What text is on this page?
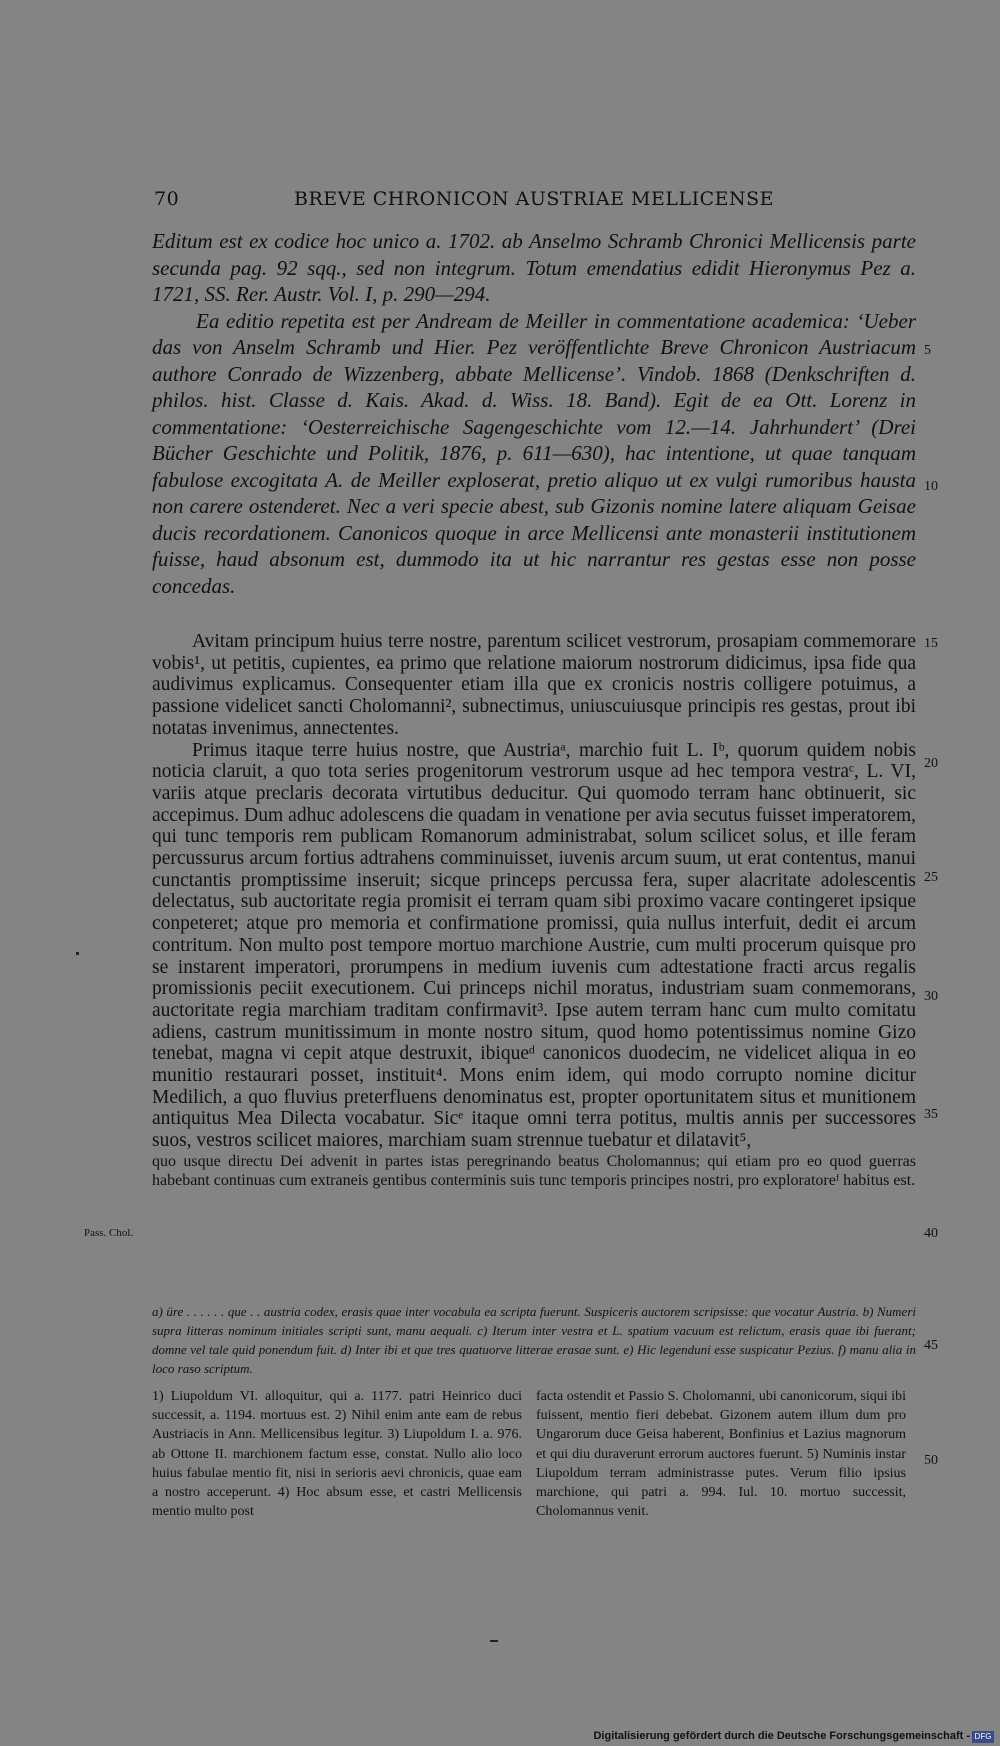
70	BREVE CHRONICON AUSTRIAE MELLICENSE

Editum est ex codice hoc unico a. 1702. ab Anselmo Schramb Chronici Mellicensis parte secunda pag. 92 sqq., sed non integrum. Totum emendatius edidit Hieronymus Pez a. 1721, SS. Rer. Austr. Vol. I, p. 290—294.

Ea editio repetita est per Andream de Meiller in commentatione academica: ‘Ueber das von Anselm Schramb und Hier. Pez veröffentlichte Breve Chronicon Austriacum authore Conrado de Wizzenberg, abbate Mellicense’. Vindob. 1868 (Denkschriften d. philos. hist. Classe d. Kais. Akad. d. Wiss. 18. Band). Egit de ea Ott. Lorenz in commentatione: ‘Oesterreichische Sagengeschichte vom 12.—14. Jahrhundert’ (Drei Bücher Geschichte und Politik, 1876, p. 611—630), hac intentione, ut quae tanquam fabulose excogitata A. de Meiller exploserat, pretio aliquo ut ex vulgi rumoribus hausta non carere ostenderet. Nec a veri specie abest, sub Gizonis nomine latere aliquam Geisae ducis recordationem. Canonicos quoque in arce Mellicensi ante monasterii institutionem fuisse, haud absonum est, dummodo ita ut hic narrantur res gestas esse non posse concedas.

5
10

Avitam principum huius terre nostre, parentum scilicet vestrorum, prosapiam commemorare vobis¹, ut petitis, cupientes, ea primo que relatione maiorum nostrorum didicimus, ipsa fide qua audivimus explicamus. Consequenter etiam illa que ex cronicis nostris colligere potuimus, a passione videlicet sancti Cholomanni², subnectimus, uniuscuiusque principis res gestas, prout ibi notatas invenimus, annectentes.

Primus itaque terre huius nostre, que Austriaᵃ, marchio fuit L. Iᵇ, quorum quidem nobis noticia claruit, a quo tota series progenitorum vestrorum usque ad hec tempora vestraᶜ, L. VI, variis atque preclaris decorata virtutibus deducitur. Qui quomodo terram hanc obtinuerit, sic accepimus. Dum adhuc adolescens die quadam in venatione per avia secutus fuisset imperatorem, qui tunc temporis rem publicam Romanorum administrabat, solum scilicet solus, et ille feram percussurus arcum fortius adtrahens comminuisset, iuvenis arcum suum, ut erat contentus, manui cunctantis promptissime inseruit; sicque princeps percussa fera, super alacritate adolescentis delectatus, sub auctoritate regia promisit ei terram quam sibi proximo vacare contingeret ipsique conpeteret; atque pro memoria et confirmatione promissi, quia nullus interfuit, dedit ei arcum contritum. Non multo post tempore mortuo marchione Austrie, cum multi procerum quisque pro se instarent imperatori, prorumpens in medium iuvenis cum adtestatione fracti arcus regalis promissionis peciit executionem. Cui princeps nichil moratus, industriam suam conmemorans, auctoritate regia marchiam traditam confirmavit³. Ipse autem terram hanc cum multo comitatu adiens, castrum munitissimum in monte nostro situm, quod homo potentissimus nomine Gizo tenebat, magna vi cepit atque destruxit, ibiqueᵈ canonicos duodecim, ne videlicet aliqua in eo munitio restaurari posset, instituit⁴. Mons enim idem, qui modo corrupto nomine dicitur Medilich, a quo fluvius preterfluens denominatus est, propter oportunitatem situs et munitionem antiquitus Mea Dilecta vocabatur. Sicᵉ itaque omni terra potitus, multis annis per successores suos, vestros scilicet maiores, marchiam suam strennue tuebatur et dilatavit⁵,

quo usque directu Dei advenit in partes istas peregrinando beatus Cholomannus; qui etiam pro eo quod guerras habebant continuas cum extraneis gentibus conterminis suis tunc temporis principes nostri, pro exploratoreᶠ habitus est.

15
20
25
30
35
40
Pass. Chol.

a) üre . . . . . . que . . austria codex, erasis quae inter vocabula ea scripta fuerunt. Suspiceris auctorem scripsisse: que vocatur Austria. b) Numeri supra litteras nominum initiales scripti sunt, manu aequali. c) Iterum inter vestra et L. spatium vacuum est relictum, erasis quae ibi fuerant; domne vel tale quid ponendum fuit. d) Inter ibi et que tres quatuorve litterae erasae sunt. e) Hic legenduni esse suspicatur Pezius. f) manu alia in loco raso scriptum.

45
50

1) Liupoldum VI. alloquitur, qui a. 1177. patri Heinrico duci successit, a. 1194. mortuus est. 2) Nihil enim ante eam de rebus Austriacis in Ann. Mellicensibus legitur. 3) Liupoldum I. a. 976. ab Ottone II. marchionem factum esse, constat. Nullo alio loco huius fabulae mentio fit, nisi in serioris aevi chronicis, quae eam a nostro acceperunt. 4) Hoc absum esse, et castri Mellicensis mentio multo post

facta ostendit et Passio S. Cholomanni, ubi canonicorum, siqui ibi fuissent, mentio fieri debebat. Gizonem autem illum dum pro Ungarorum duce Geisa haberent, Bonfinius et Lazius magnorum et qui diu duraverunt errorum auctores fuerunt. 5) Numinis instar Liupoldum terram administrasse putes. Verum filio ipsius marchione, qui patri a. 994. Iul. 10. mortuo successit, Cholomannus venit.

Digitalisierung gefördert durch die Deutsche Forschungsgemeinschaft - DFG
